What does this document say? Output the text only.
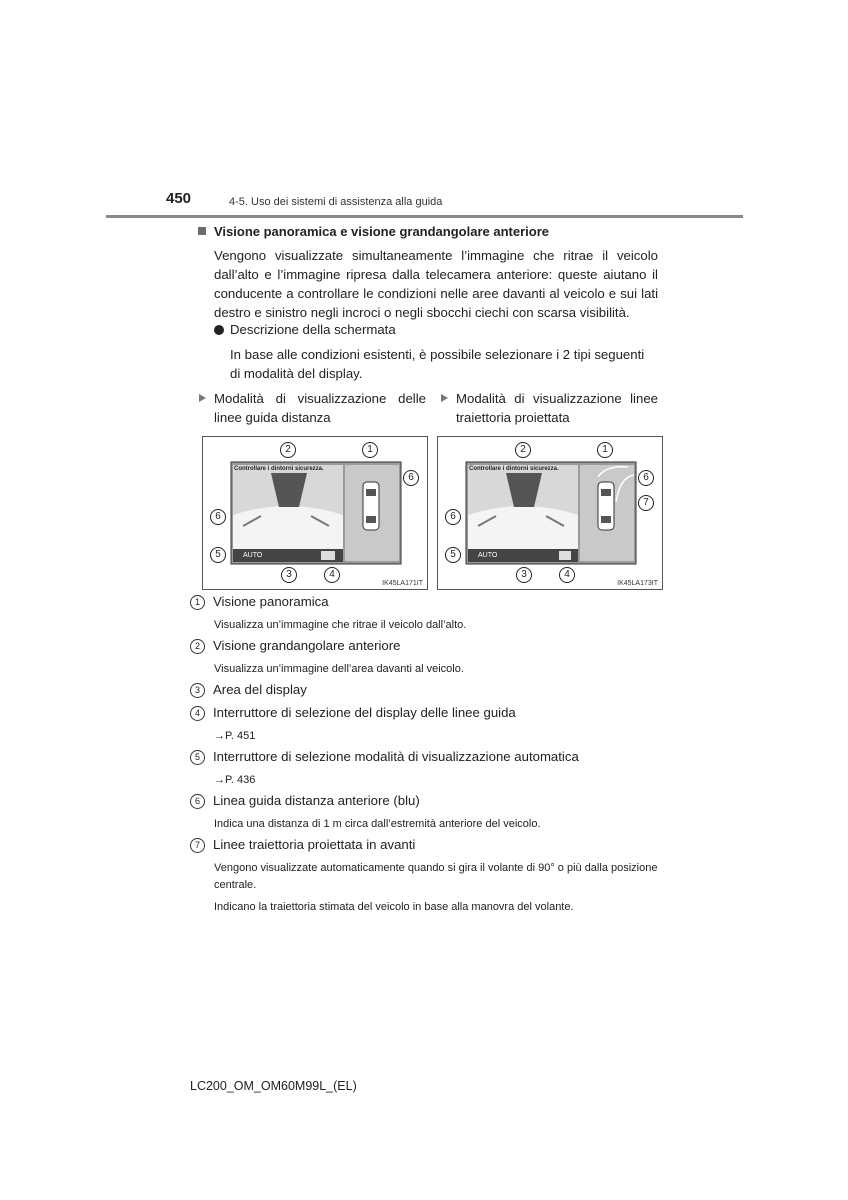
450	4-5. Uso dei sistemi di assistenza alla guida
Visione panoramica e visione grandangolare anteriore
Vengono visualizzate simultaneamente l’immagine che ritrae il veicolo dall’alto e l’immagine ripresa dalla telecamera anteriore: queste aiutano il conducente a controllare le condizioni nelle aree davanti al veicolo e sui lati destro e sinistro negli incroci o negli sbocchi ciechi con scarsa visibilità.
Descrizione della schermata
In base alle condizioni esistenti, è possibile selezionare i 2 tipi seguenti di modalità del display.
Modalità di visualizzazione delle linee guida distanza
Modalità di visualizzazione linee traiettoria proiettata
Controllare i dintorni sicurezza.
AUTO
2	1
6
6
5
3	4
IK45LA171IT
Controllare i dintorni sicurezza.
AUTO
2	1
6
7
6
5
3	4
IK45LA173IT
1 Visione panoramica
Visualizza un’immagine che ritrae il veicolo dall’alto.
2 Visione grandangolare anteriore
Visualizza un’immagine dell’area davanti al veicolo.
3 Area del display
4 Interruttore di selezione del display delle linee guida
→P. 451
5 Interruttore di selezione modalità di visualizzazione automatica
→P. 436
6 Linea guida distanza anteriore (blu)
Indica una distanza di 1 m circa dall’estremità anteriore del veicolo.
7 Linee traiettoria proiettata in avanti
Vengono visualizzate automaticamente quando si gira il volante di 90° o più dalla posizione centrale.
Indicano la traiettoria stimata del veicolo in base alla manovra del volante.
LC200_OM_OM60M99L_(EL)
